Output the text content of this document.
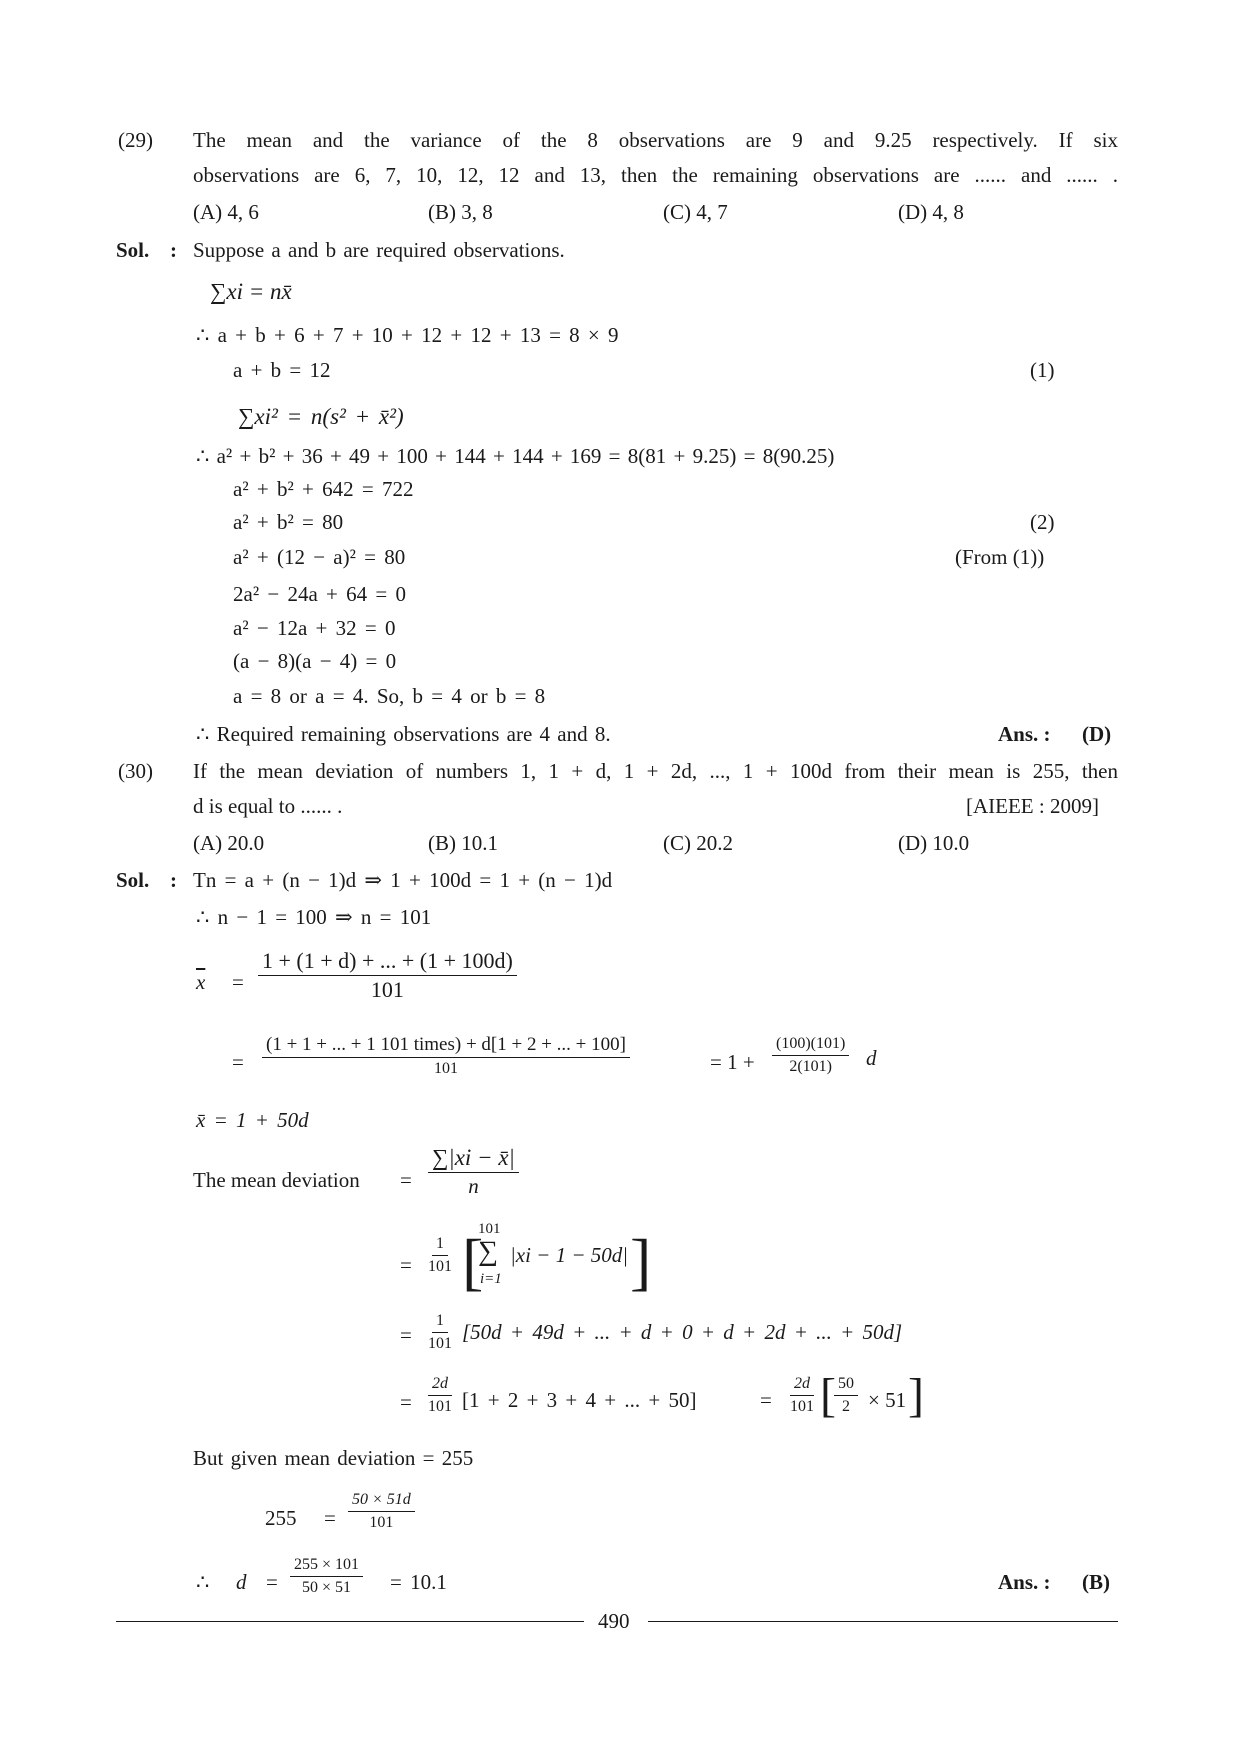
(29) The mean and the variance of the 8 observations are 9 and 9.25 respectively. If six
observations are 6, 7, 10, 12, 12 and 13, then the remaining observations are ...... and ...... .
(A) 4, 6	(B) 3, 8	(C) 4, 7	(D) 4, 8
Sol. : Suppose a and b are required observations.
∑xi = nx̄
∴ a + b + 6 + 7 + 10 + 12 + 12 + 13 = 8 × 9
a + b = 12	(1)
∑xi² = n(s² + x̄²)
∴ a² + b² + 36 + 49 + 100 + 144 + 144 + 169 = 8(81 + 9.25) = 8(90.25)
a² + b² + 642 = 722
a² + b² = 80	(2)
a² + (12 − a)² = 80	(From (1))
2a² − 24a + 64 = 0
a² − 12a + 32 = 0
(a − 8)(a − 4) = 0
a = 8 or a = 4. So, b = 4 or b = 8
∴ Required remaining observations are 4 and 8.	Ans. : (D)
(30) If the mean deviation of numbers 1, 1 + d, 1 + 2d, ..., 1 + 100d from their mean is 255, then
d is equal to ...... .	[AIEEE : 2009]
(A) 20.0	(B) 10.1	(C) 20.2	(D) 10.0
Sol. : Tn = a + (n − 1)d ⇒ 1 + 100d = 1 + (n − 1)d
∴ n − 1 = 100 ⇒ n = 101
$\overline{x} = \frac{1 + (1 + d) + ... + (1 + 100d)}{101}$
=
(1 + 1 + ... + 1 101 times) + d[1 + 2 + ... + 100]
101	= $1 + \frac{(100)(101)}{2(101)}$ d
x̄ = 1 + 50d
The mean deviation = $\frac{\sum|xi - x̄|}{n}$
= $\frac{1}{101}$ [
101
∑
i=1
|xi − 1 − 50d| ]
= $\frac{1}{101} [50d + 49d$ + ... + d + 0 + d + 2d + ... + 50d]
= $\frac{2d}{101} [1 + 2 + 3 + 4$ + ... + 50]	= $\frac{2d}{101}$ [
$\frac{50}{2} \times 51$ ]
But given mean deviation = 255
$255 = \frac{50 \times 51d}{101}$
∴ $d = \frac{255 \times 101}{50 \times 51} = 10.1$	Ans. : (B)
490
